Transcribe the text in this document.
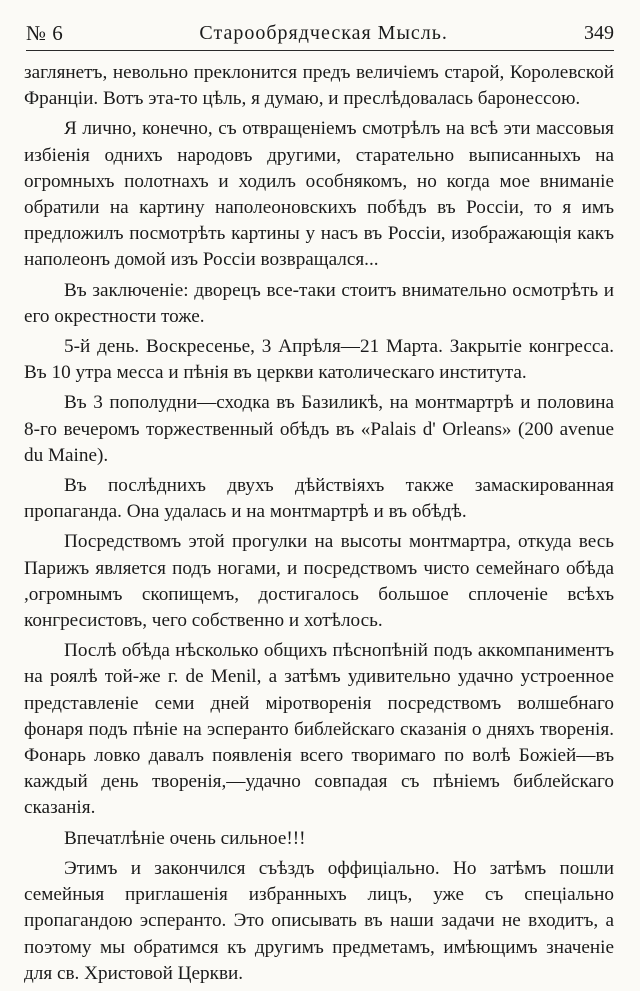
№ 6	Старообрядческая Мысль.	349

заглянетъ, невольно преклонится предъ величіемъ старой, Королевской Франціи. Вотъ эта-то цѣль, я думаю, и преслѣдовалась баронессою.

Я лично, конечно, съ отвращеніемъ смотрѣлъ на всѣ эти массовыя избіенія однихъ народовъ другими, старательно выписанныхъ на огромныхъ полотнахъ и ходилъ особнякомъ, но когда мое вниманіе обратили на картину наполеоновскихъ побѣдъ въ Россіи, то я имъ предложилъ посмотрѣть картины у насъ въ Россіи, изображающія какъ наполеонъ домой изъ Россіи возвращался...

Въ заключеніе: дворецъ все-таки стоитъ внимательно осмотрѣть и его окрестности тоже.

5-й день. Воскресенье, 3 Апрѣля—21 Марта. Закрытіе конгресса. Въ 10 утра месса и пѣнія въ церкви католическаго института.

Въ 3 пополудни—сходка въ Базиликѣ, на монтмартрѣ и половина 8-го вечеромъ торжественный обѣдъ въ «Palais d' Orleans» (200 avenue du Maine).

Въ послѣднихъ двухъ дѣйствіяхъ также замаскированная пропаганда. Она удалась и на монтмартрѣ и въ обѣдѣ.

Посредствомъ этой прогулки на высоты монтмартра, откуда весь Парижъ является подъ ногами, и посредствомъ чисто семейнаго обѣда ,огромнымъ скопищемъ, достигалось большое сплоченіе всѣхъ конгресистовъ, чего собственно и хотѣлось.

Послѣ обѣда нѣсколько общихъ пѣснопѣній подъ аккомпаниментъ на роялѣ той-же г. de Menil, а затѣмъ удивительно удачно устроенное представленіе семи дней міротворенія посредствомъ волшебнаго фонаря подъ пѣніе на эсперанто библейскаго сказанія о дняхъ творенія. Фонарь ловко давалъ появленія всего творимаго по волѣ Божіей—въ каждый день творенія,—удачно совпадая съ пѣніемъ библейскаго сказанія.

Впечатлѣніе очень сильное!!!

Этимъ и закончился съѣздъ оффиціально. Но затѣмъ пошли семейныя приглашенія избранныхъ лицъ, уже съ спеціально пропагандою эсперанто. Это описывать въ наши задачи не входитъ, а поэтому мы обратимся къ другимъ предметамъ, имѣющимъ значеніе для св. Христовой Церкви.
